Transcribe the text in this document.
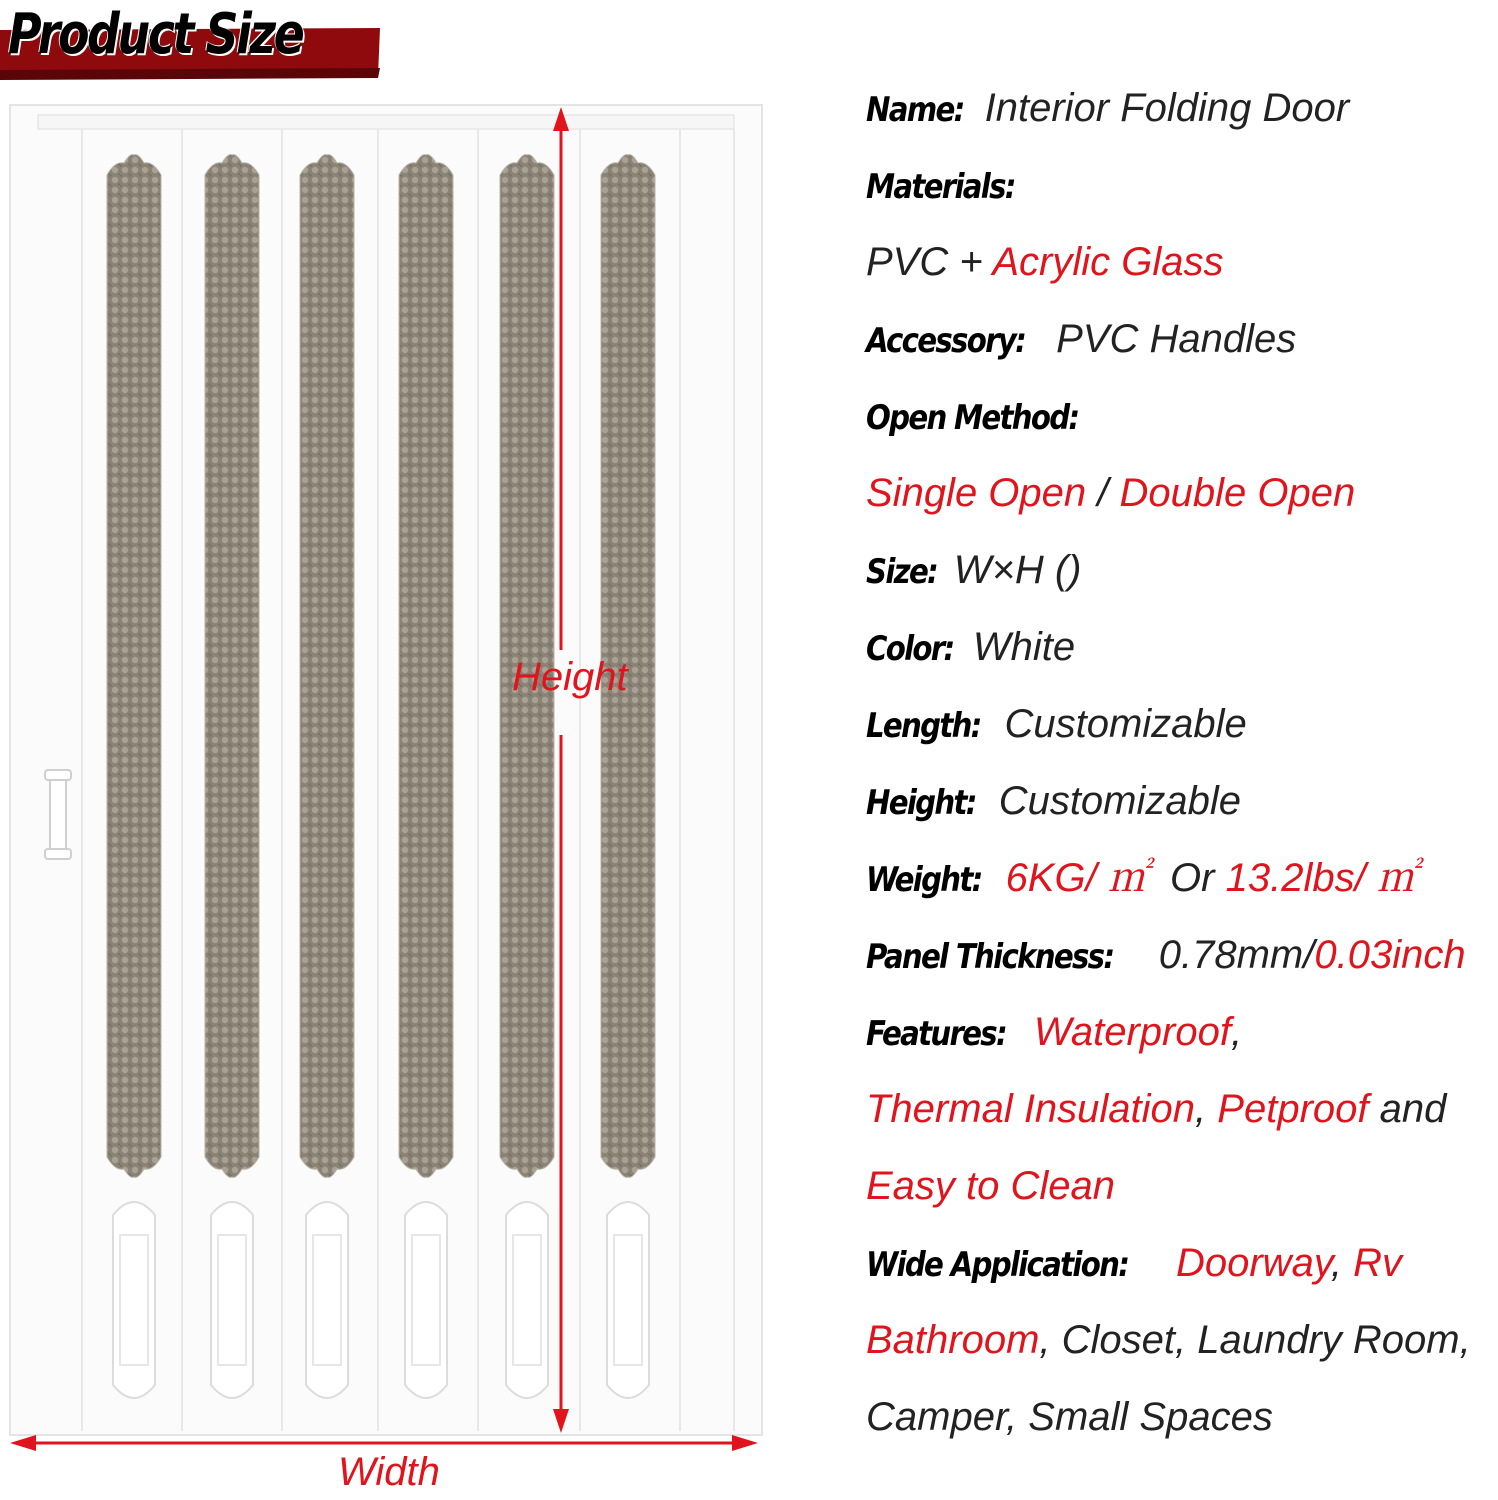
Product Size
Height
Width
Name: Interior Folding Door
Materials:
PVC + Acrylic Glass
Accessory: PVC Handles
Open Method:
Single Open / Double Open
Size: W×H ()
Color: White
Length: Customizable
Height: Customizable
Weight: 6KG/ ㎡  Or 13.2lbs/ ㎡
Panel Thickness: 0.78mm/0.03inch
Features: Waterproof,
Thermal Insulation, Petproof and
Easy to Clean
Wide Application: Doorway, Rv
Bathroom, Closet, Laundry Room,
Camper, Small Spaces
